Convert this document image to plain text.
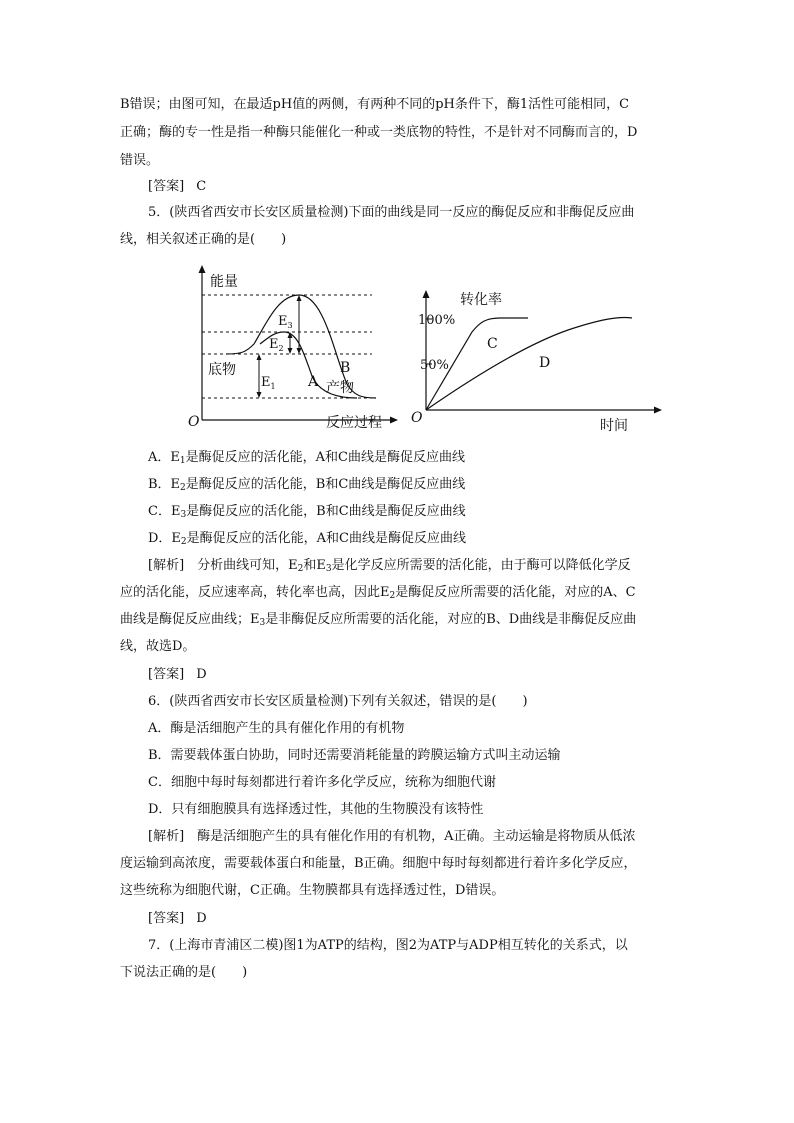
B错误；由图可知，在最适pH值的两侧，有两种不同的pH条件下，酶1活性可能相同，C
正确；酶的专一性是指一种酶只能催化一种或一类底物的特性，不是针对不同酶而言的，D
错误。
[答案] C
5．(陕西省西安市长安区质量检测)下面的曲线是同一反应的酶促反应和非酶促反应曲
线，相关叙述正确的是(　　)
能量
O	反应过程
底物
产物
$E_1$
$E_2$
$E_3$
A
B
转化率
100%
50%
O	时间
C
D
A．$E_1$是酶促反应的活化能，A和C曲线是酶促反应曲线
B．$E_2$是酶促反应的活化能，B和C曲线是酶促反应曲线
C．$E_3$是酶促反应的活化能，B和C曲线是酶促反应曲线
D．$E_2$是酶促反应的活化能，A和C曲线是酶促反应曲线
[解析]　分析曲线可知，$E_2$和$E_3$是化学反应所需要的活化能，由于酶可以降低化学反
应的活化能，反应速率高，转化率也高，因此$E_2$是酶促反应所需要的活化能，对应的A、C
曲线是酶促反应曲线；$E_3$是非酶促反应所需要的活化能，对应的B、D曲线是非酶促反应曲
线，故选D。
[答案] D
6．(陕西省西安市长安区质量检测)下列有关叙述，错误的是(　　)
A．酶是活细胞产生的具有催化作用的有机物
B．需要载体蛋白协助，同时还需要消耗能量的跨膜运输方式叫主动运输
C．细胞中每时每刻都进行着许多化学反应，统称为细胞代谢
D．只有细胞膜具有选择透过性，其他的生物膜没有该特性
[解析]　酶是活细胞产生的具有催化作用的有机物，A正确。主动运输是将物质从低浓
度运输到高浓度，需要载体蛋白和能量，B正确。细胞中每时每刻都进行着许多化学反应，
这些统称为细胞代谢，C正确。生物膜都具有选择透过性，D错误。
[答案] D
7．(上海市青浦区二模)图1为ATP的结构，图2为ATP与ADP相互转化的关系式，以
下说法正确的是(　　)
